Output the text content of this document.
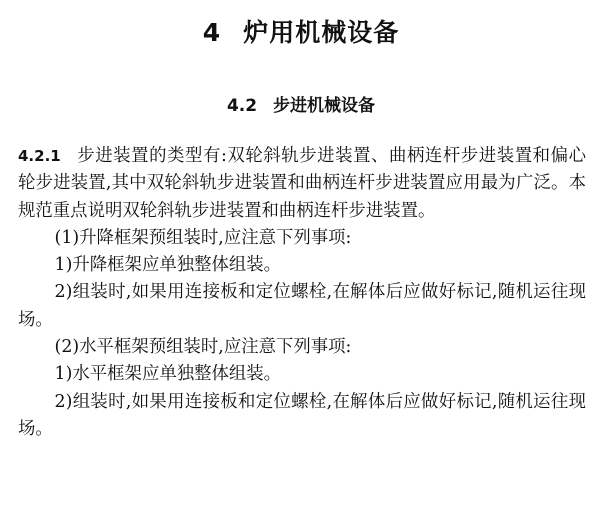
4 炉用机械设备
4.2 步进机械设备

4.2.1 步进装置的类型有:双轮斜轨步进装置、曲柄连杆步进装置和偏心轮步进装置,其中双轮斜轨步进装置和曲柄连杆步进装置应用最为广泛。本规范重点说明双轮斜轨步进装置和曲柄连杆步进装置。

(1)升降框架预组装时,应注意下列事项:

1)升降框架应单独整体组装。

2)组装时,如果用连接板和定位螺栓,在解体后应做好标记,随机运往现场。

(2)水平框架预组装时,应注意下列事项:

1)水平框架应单独整体组装。

2)组装时,如果用连接板和定位螺栓,在解体后应做好标记,随机运往现场。
